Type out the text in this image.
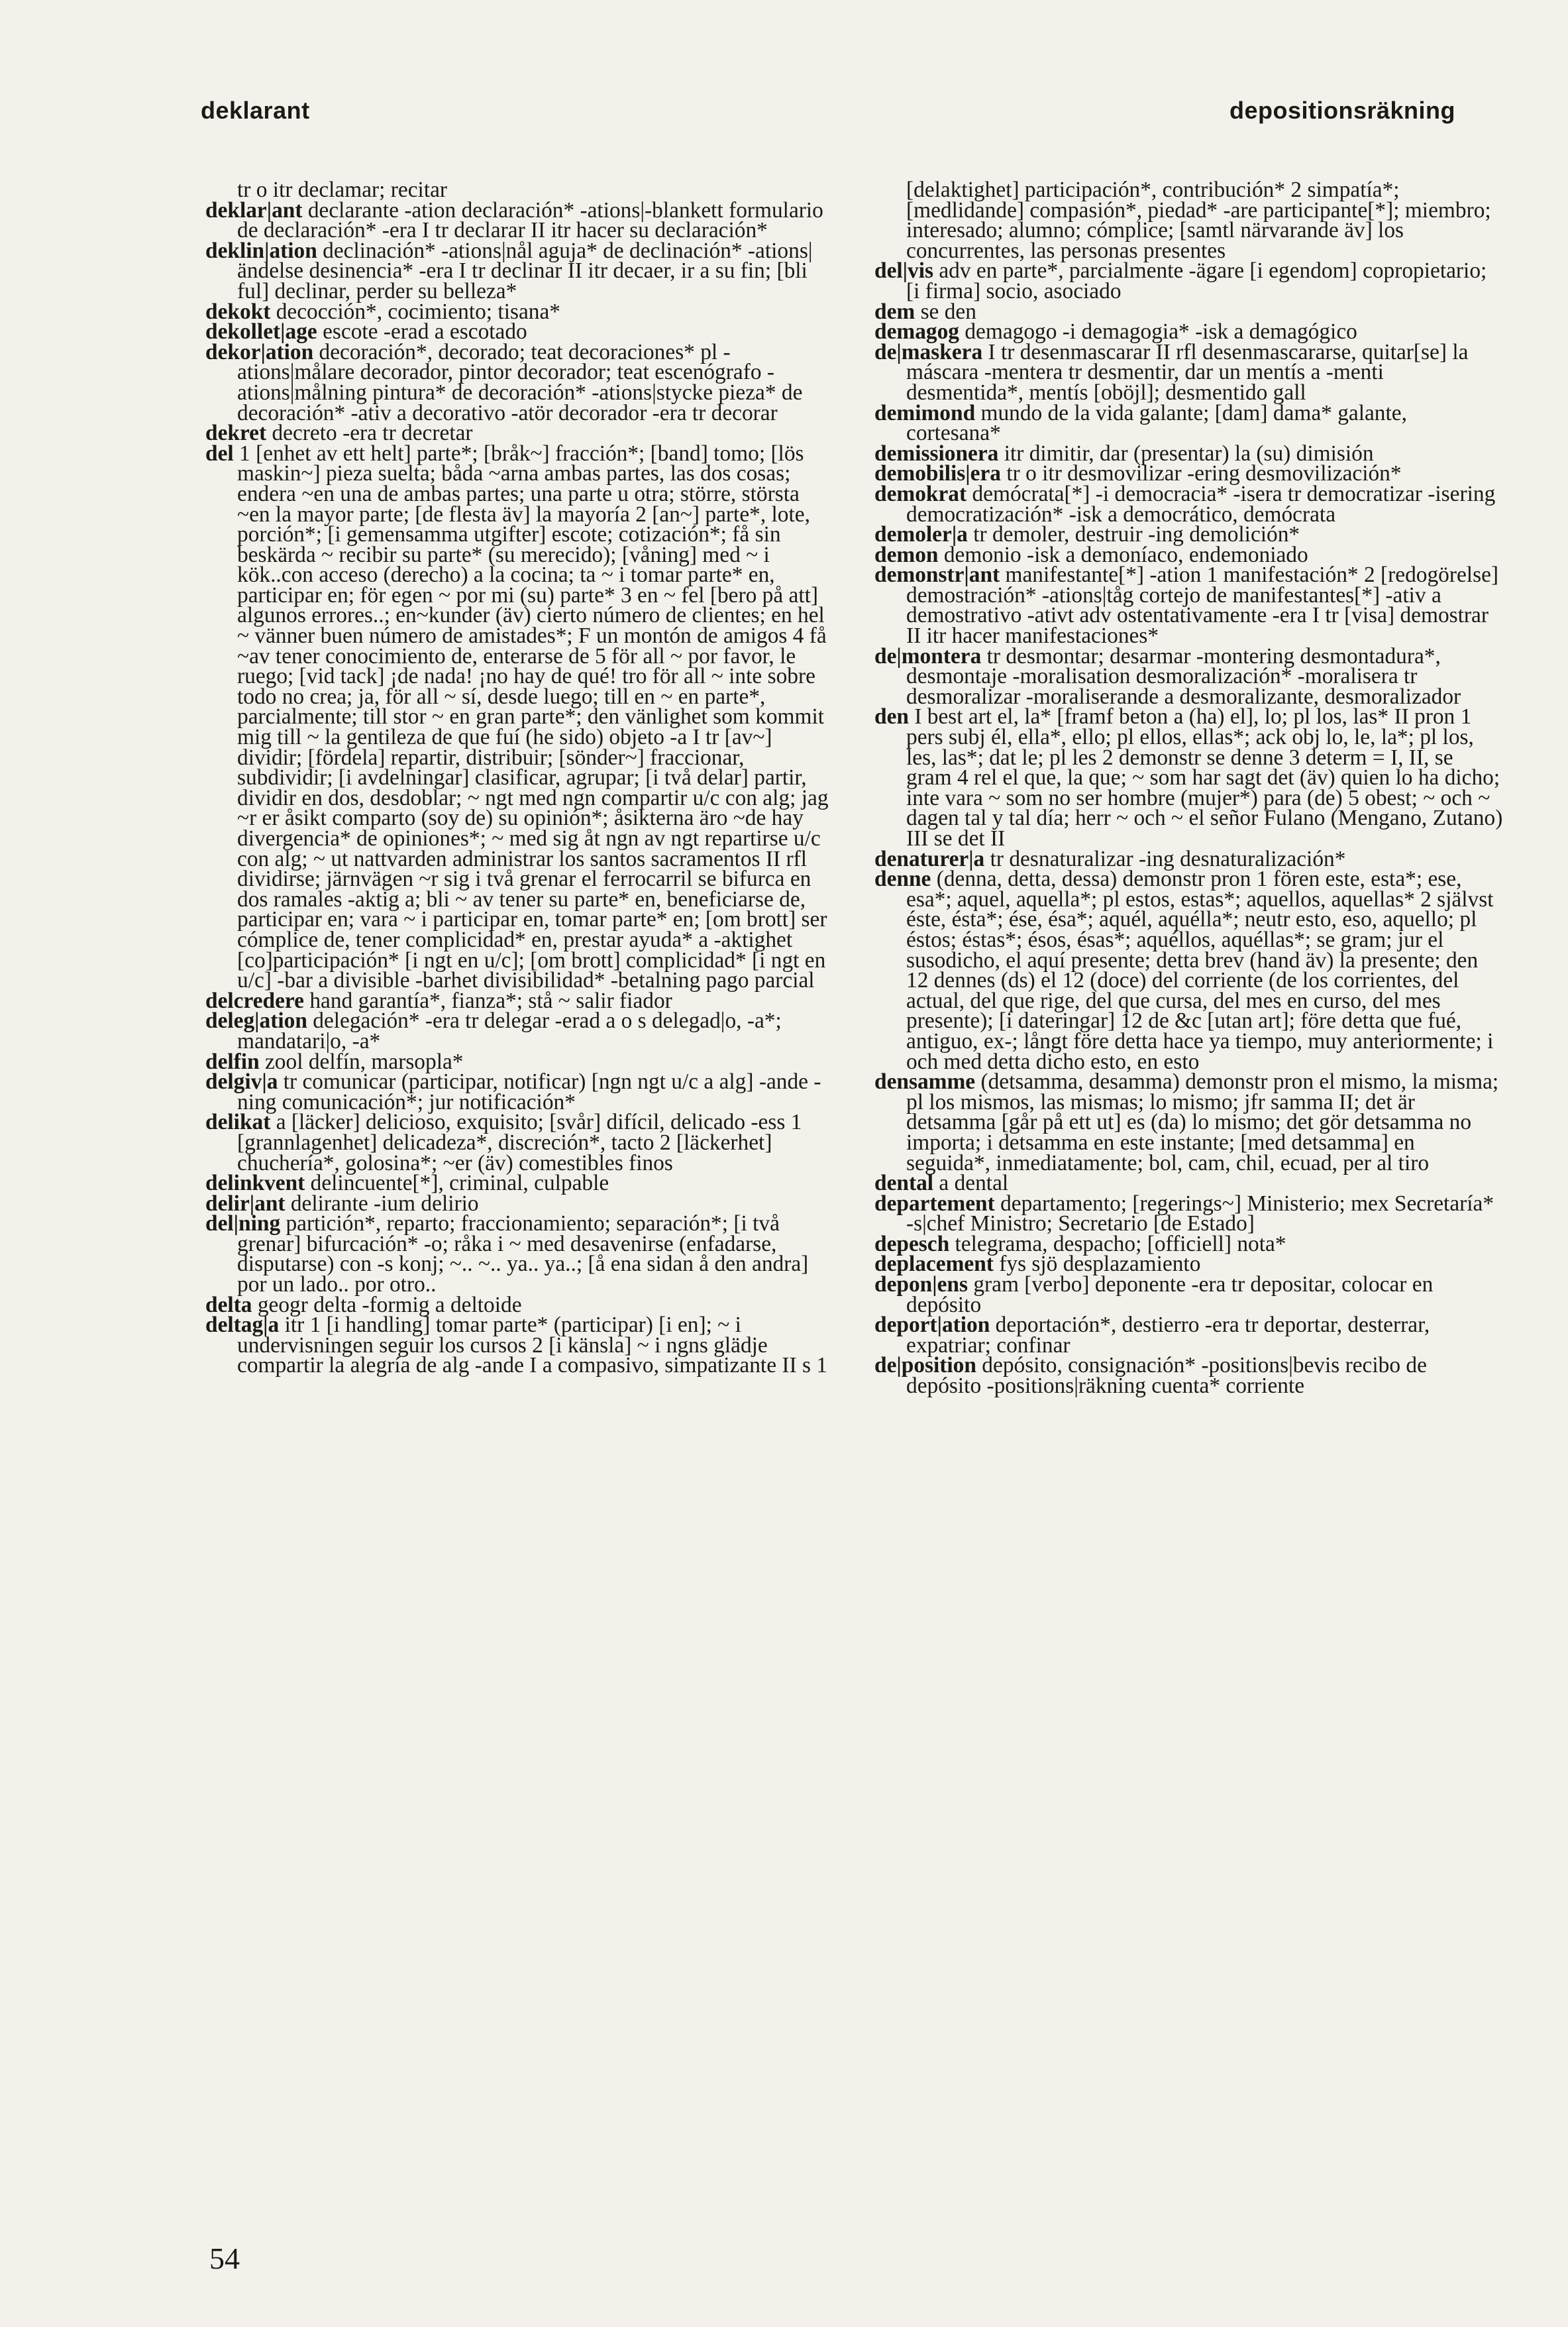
deklarant	depositionsräkning
tr o itr declamar; recitar
deklar|ant declarante -ation declaración* -ations|-blankett formulario de declaración* -era I tr declarar II itr hacer su declaración*
deklin|ation declinación* -ations|nål aguja* de declinación* -ations|ändelse desinencia* -era I tr declinar II itr decaer, ir a su fin; [bli ful] declinar, perder su belleza*
dekokt decocción*, cocimiento; tisana*
dekollet|age escote -erad a escotado
dekor|ation decoración*, decorado; teat decoraciones* pl -ations|målare decorador, pintor decorador; teat escenógrafo -ations|målning pintura* de decoración* -ations|stycke pieza* de decoración* -ativ a decorativo -atör decorador -era tr decorar
dekret decreto -era tr decretar
del 1 [enhet av ett helt] parte*; [bråk~] fracción*; [band] tomo; [lös maskin~] pieza suelta; båda ~arna ambas partes, las dos cosas; endera ~en una de ambas partes; una parte u otra; större, största ~en la mayor parte; [de flesta äv] la mayoría 2 [an~] parte*, lote, porción*; [i gemensamma utgifter] escote; cotización*; få sin beskärda ~ recibir su parte* (su merecido); [våning] med ~ i kök..con acceso (derecho) a la cocina; ta ~ i tomar parte* en, participar en; för egen ~ por mi (su) parte* 3 en ~ fel [bero på att] algunos errores..; en~kunder (äv) cierto número de clientes; en hel ~ vänner buen número de amistades*; F un montón de amigos 4 få ~av tener conocimiento de, enterarse de 5 för all ~ por favor, le ruego; [vid tack] ¡de nada! ¡no hay de qué! tro för all ~ inte sobre todo no crea; ja, för all ~ sí, desde luego; till en ~ en parte*, parcialmente; till stor ~ en gran parte*; den vänlighet som kommit mig till ~ la gentileza de que fuí (he sido) objeto -a I tr [av~] dividir; [fördela] repartir, distribuir; [sönder~] fraccionar, subdividir; [i avdelningar] clasificar, agrupar; [i två delar] partir, dividir en dos, desdoblar; ~ ngt med ngn compartir u/c con alg; jag ~r er åsikt comparto (soy de) su opinión*; åsikterna äro ~de hay divergencia* de opiniones*; ~ med sig åt ngn av ngt repartirse u/c con alg; ~ ut nattvarden administrar los santos sacramentos II rfl dividirse; järnvägen ~r sig i två grenar el ferrocarril se bifurca en dos ramales -aktig a; bli ~ av tener su parte* en, beneficiarse de, participar en; vara ~ i participar en, tomar parte* en; [om brott] ser cómplice de, tener complicidad* en, prestar ayuda* a -aktighet [co]participación* [i ngt en u/c]; [om brott] complicidad* [i ngt en u/c] -bar a divisible -barhet divisibilidad* -betalning pago parcial
delcredere hand garantía*, fianza*; stå ~ salir fiador
deleg|ation delegación* -era tr delegar -erad a o s delegad|o, -a*; mandatari|o, -a*
delfin zool delfín, marsopla*
delgiv|a tr comunicar (participar, notificar) [ngn ngt u/c a alg] -ande -ning comunicación*; jur notificación*
delikat a [läcker] delicioso, exquisito; [svår] difícil, delicado -ess 1 [grannlagenhet] delicadeza*, discreción*, tacto 2 [läckerhet] chuchería*, golosina*; ~er (äv) comestibles finos
delinkvent delincuente[*], criminal, culpable
delir|ant delirante -ium delirio
del|ning partición*, reparto; fraccionamiento; separación*; [i två grenar] bifurcación* -o; råka i ~ med desavenirse (enfadarse, disputarse) con -s konj; ~.. ~.. ya.. ya..; [å ena sidan å den andra] por un lado.. por otro..
delta geogr delta -formig a deltoide
deltag|a itr 1 [i handling] tomar parte* (participar) [i en]; ~ i undervisningen seguir los cursos 2 [i känsla] ~ i ngns glädje compartir la alegría de alg -ande I a compasivo, simpatizante II s 1
[delaktighet] participación*, contribución* 2 simpatía*; [medlidande] compasión*, piedad* -are participante[*]; miembro; interesado; alumno; cómplice; [samtl närvarande äv] los concurrentes, las personas presentes
del|vis adv en parte*, parcialmente -ägare [i egendom] copropietario; [i firma] socio, asociado
dem se den
demagog demagogo -i demagogia* -isk a demagógico
de|maskera I tr desenmascarar II rfl desenmascararse, quitar[se] la máscara -mentera tr desmentir, dar un mentís a -menti desmentida*, mentís [oböjl]; desmentido gall
demimond mundo de la vida galante; [dam] dama* galante, cortesana*
demissionera itr dimitir, dar (presentar) la (su) dimisión
demobilis|era tr o itr desmovilizar -ering desmovilización*
demokrat demócrata[*] -i democracia* -isera tr democratizar -isering democratización* -isk a democrático, demócrata
demoler|a tr demoler, destruir -ing demolición*
demon demonio -isk a demoníaco, endemoniado
demonstr|ant manifestante[*] -ation 1 manifestación* 2 [redogörelse] demostración* -ations|tåg cortejo de manifestantes[*] -ativ a demostrativo -ativt adv ostentativamente -era I tr [visa] demostrar II itr hacer manifestaciones*
de|montera tr desmontar; desarmar -montering desmontadura*, desmontaje -moralisation desmoralización* -moralisera tr desmoralizar -moraliserande a desmoralizante, desmoralizador
den I best art el, la* [framf beton a (ha) el], lo; pl los, las* II pron 1 pers subj él, ella*, ello; pl ellos, ellas*; ack obj lo, le, la*; pl los, les, las*; dat le; pl les 2 demonstr se denne 3 determ = I, II, se gram 4 rel el que, la que; ~ som har sagt det (äv) quien lo ha dicho; inte vara ~ som no ser hombre (mujer*) para (de) 5 obest; ~ och ~ dagen tal y tal día; herr ~ och ~ el señor Fulano (Mengano, Zutano) III se det II
denaturer|a tr desnaturalizar -ing desnaturalización*
denne (denna, detta, dessa) demonstr pron 1 fören este, esta*; ese, esa*; aquel, aquella*; pl estos, estas*; aquellos, aquellas* 2 självst éste, ésta*; ése, ésa*; aquél, aquélla*; neutr esto, eso, aquello; pl éstos; éstas*; ésos, ésas*; aquéllos, aquéllas*; se gram; jur el susodicho, el aquí presente; detta brev (hand äv) la presente; den 12 dennes (ds) el 12 (doce) del corriente (de los corrientes, del actual, del que rige, del que cursa, del mes en curso, del mes presente); [i dateringar] 12 de &c [utan art]; före detta que fué, antiguo, ex-; långt före detta hace ya tiempo, muy anteriormente; i och med detta dicho esto, en esto
densamme (detsamma, desamma) demonstr pron el mismo, la misma; pl los mismos, las mismas; lo mismo; jfr samma II; det är detsamma [går på ett ut] es (da) lo mismo; det gör detsamma no importa; i detsamma en este instante; [med detsamma] en seguida*, inmediatamente; bol, cam, chil, ecuad, per al tiro
dental a dental
departement departamento; [regerings~] Ministerio; mex Secretaría* -s|chef Ministro; Secretario [de Estado]
depesch telegrama, despacho; [officiell] nota*
deplacement fys sjö desplazamiento
depon|ens gram [verbo] deponente -era tr depositar, colocar en depósito
deport|ation deportación*, destierro -era tr deportar, desterrar, expatriar; confinar
de|position depósito, consignación* -positions|bevis recibo de depósito -positions|räkning cuenta* corriente
54
